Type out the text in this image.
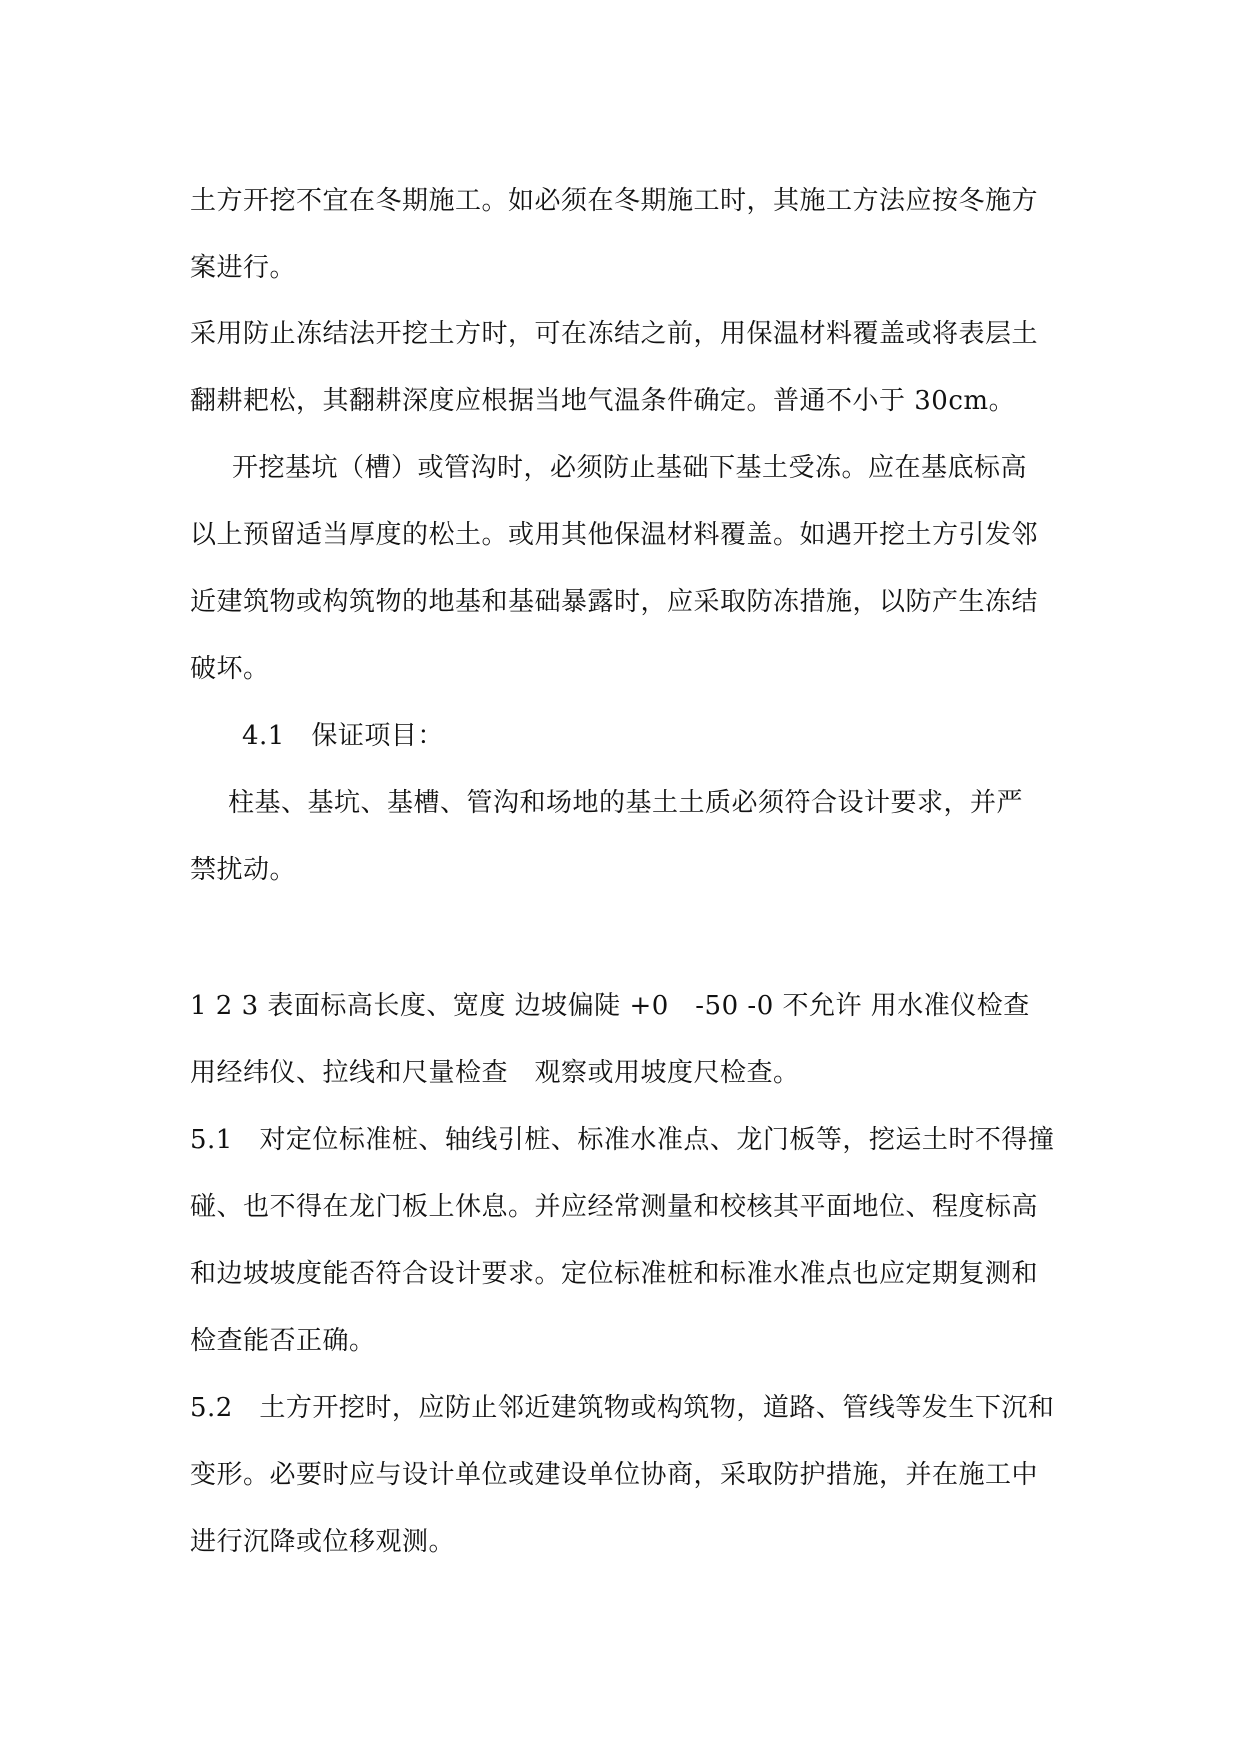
土方开挖不宜在冬期施工。如必须在冬期施工时，其施工方法应按冬施方
案进行。
采用防止冻结法开挖土方时，可在冻结之前，用保温材料覆盖或将表层土
翻耕耙松，其翻耕深度应根据当地气温条件确定。普通不小于 30cm。
开挖基坑（槽）或管沟时，必须防止基础下基土受冻。应在基底标高
以上预留适当厚度的松土。或用其他保温材料覆盖。如遇开挖土方引发邻
近建筑物或构筑物的地基和基础暴露时，应采取防冻措施，以防产生冻结
破坏。
4.1　保证项目：
柱基、基坑、基槽、管沟和场地的基土土质必须符合设计要求，并严
禁扰动。
1 2 3 表面标高长度、宽度 边坡偏陡 +0　-50 -0 不允许 用水准仪检查
用经纬仪、拉线和尺量检查　观察或用坡度尺检查。
5.1　对定位标准桩、轴线引桩、标准水准点、龙门板等，挖运土时不得撞
碰、也不得在龙门板上休息。并应经常测量和校核其平面地位、程度标高
和边坡坡度能否符合设计要求。定位标准桩和标准水准点也应定期复测和
检查能否正确。
5.2　土方开挖时，应防止邻近建筑物或构筑物，道路、管线等发生下沉和
变形。必要时应与设计单位或建设单位协商，采取防护措施，并在施工中
进行沉降或位移观测。
